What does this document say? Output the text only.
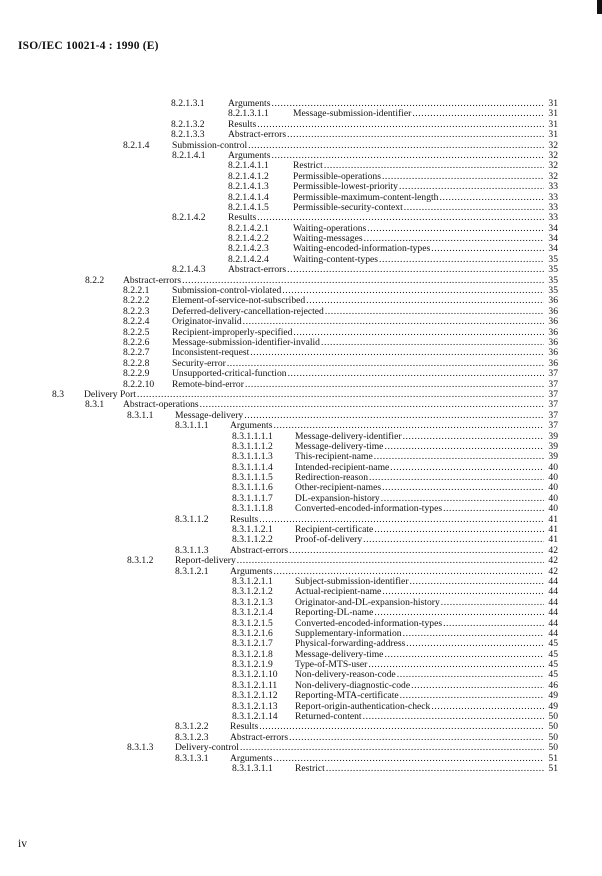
ISO/IEC 10021-4 : 1990 (E)
8.2.1.3.1 Arguments .....	31
8.2.1.3.1.1	Message-submission-identifier .....	31
8.2.1.3.2 Results .....	31
8.2.1.3.3 Abstract-errors .....	31
8.2.1.4 Submission-control .....	32
8.2.1.4.1 Arguments .....	32
8.2.1.4.1.1	Restrict .....	32
8.2.1.4.1.2	Permissible-operations .....	32
8.2.1.4.1.3	Permissible-lowest-priority .....	33
8.2.1.4.1.4	Permissible-maximum-content-length .....	33
8.2.1.4.1.5	Permissible-security-context .....	33
8.2.1.4.2 Results .....	33
8.2.1.4.2.1	Waiting-operations .....	34
8.2.1.4.2.2	Waiting-messages .....	34
8.2.1.4.2.3	Waiting-encoded-information-types .....	34
8.2.1.4.2.4	Waiting-content-types .....	35
8.2.1.4.3 Abstract-errors .....	35
8.2.2 Abstract-errors .....	35
8.2.2.1 Submission-control-violated .....	35
8.2.2.2 Element-of-service-not-subscribed .....	36
8.2.2.3 Deferred-delivery-cancellation-rejected .....	36
8.2.2.4 Originator-invalid .....	36
8.2.2.5 Recipient-improperly-specified .....	36
8.2.2.6 Message-submission-identifier-invalid .....	36
8.2.2.7 Inconsistent-request .....	36
8.2.2.8 Security-error .....	36
8.2.2.9 Unsupported-critical-function .....	37
8.2.2.10 Remote-bind-error .....	37
8.3 Delivery Port .....	37
8.3.1 Abstract-operations .....	37
8.3.1.1 Message-delivery .....	37
8.3.1.1.1 Arguments .....	37
8.3.1.1.1.1 Message-delivery-identifier .....	39
8.3.1.1.1.2 Message-delivery-time .....	39
8.3.1.1.1.3 This-recipient-name .....	39
8.3.1.1.1.4 Intended-recipient-name .....	40
8.3.1.1.1.5 Redirection-reason .....	40
8.3.1.1.1.6 Other-recipient-names .....	40
8.3.1.1.1.7 DL-expansion-history .....	40
8.3.1.1.1.8 Converted-encoded-information-types .....	40
8.3.1.1.2 Results .....	41
8.3.1.1.2.1 Recipient-certificate .....	41
8.3.1.1.2.2 Proof-of-delivery .....	41
8.3.1.1.3 Abstract-errors .....	42
8.3.1.2 Report-delivery .....	42
8.3.1.2.1 Arguments .....	42
8.3.1.2.1.1 Subject-submission-identifier .....	44
8.3.1.2.1.2 Actual-recipient-name .....	44
8.3.1.2.1.3 Originator-and-DL-expansion-history .....	44
8.3.1.2.1.4 Reporting-DL-name .....	44
8.3.1.2.1.5 Converted-encoded-information-types .....	44
8.3.1.2.1.6 Supplementary-information .....	44
8.3.1.2.1.7 Physical-forwarding-address .....	45
8.3.1.2.1.8 Message-delivery-time .....	45
8.3.1.2.1.9 Type-of-MTS-user .....	45
8.3.1.2.1.10 Non-delivery-reason-code .....	45
8.3.1.2.1.11 Non-delivery-diagnostic-code .....	46
8.3.1.2.1.12 Reporting-MTA-certificate .....	49
8.3.1.2.1.13 Report-origin-authentication-check .....	49
8.3.1.2.1.14 Returned-content .....	50
8.3.1.2.2 Results .....	50
8.3.1.2.3 Abstract-errors .....	50
8.3.1.3 Delivery-control .....	50
8.3.1.3.1 Arguments .....	51
8.3.1.3.1.1 Restrict .....	51
iv
